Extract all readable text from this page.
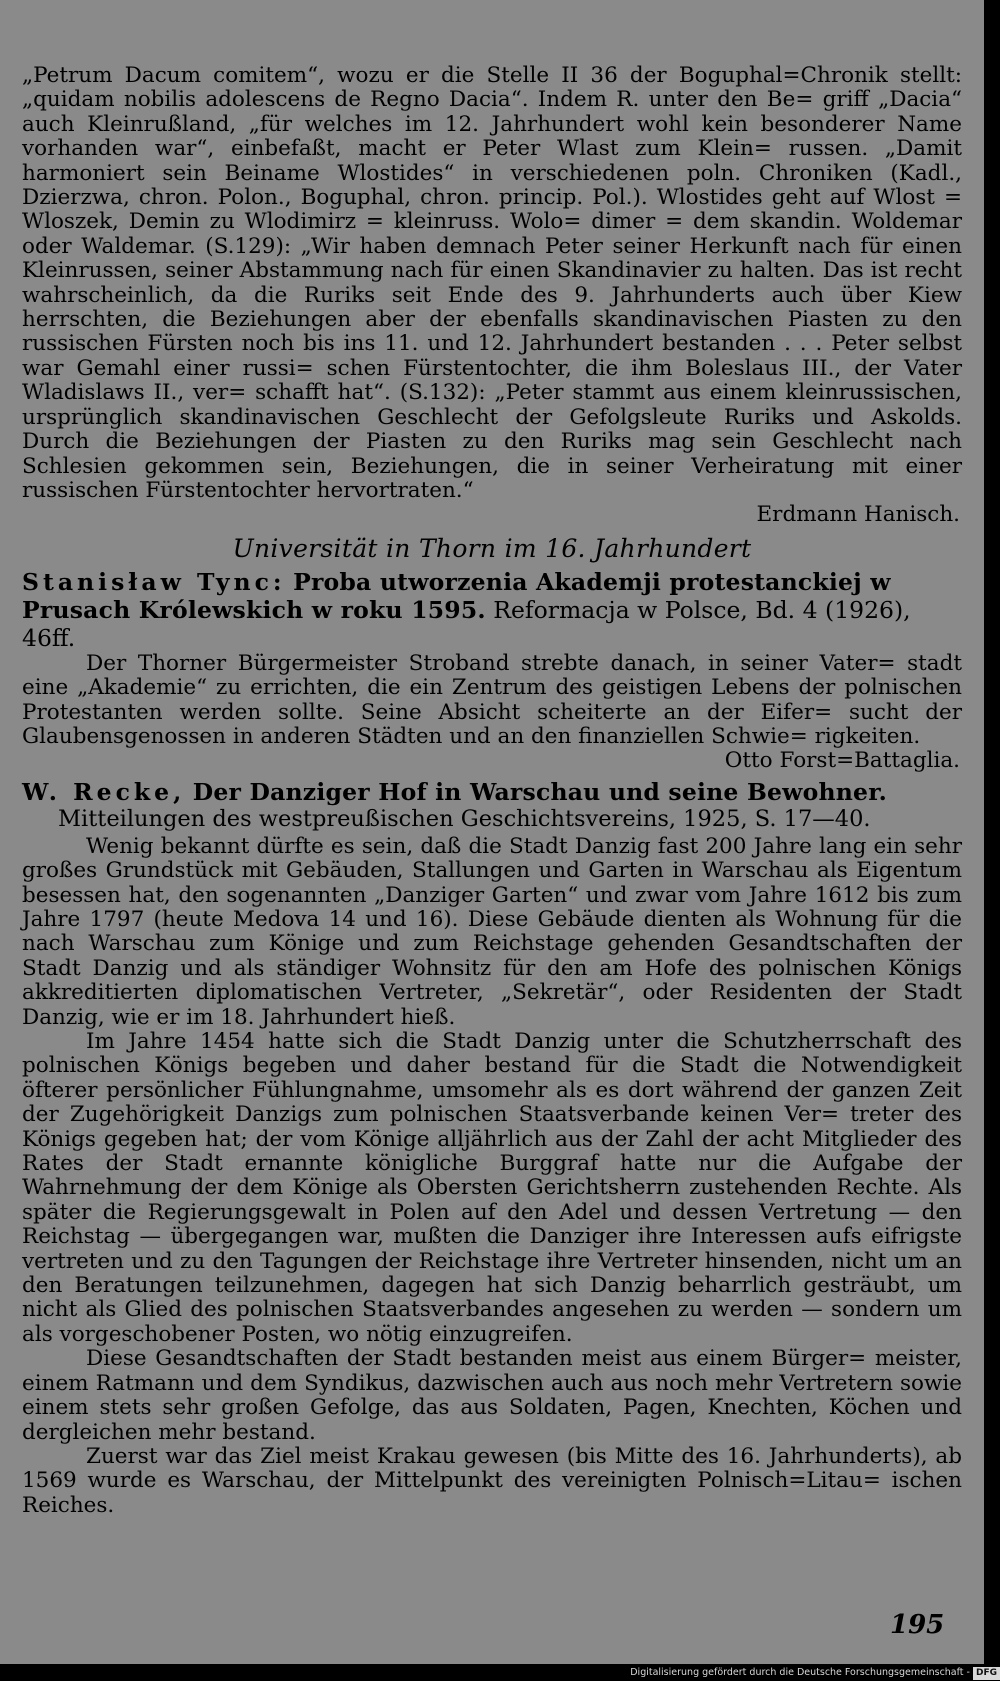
„Petrum Dacum comitem“, wozu er die Stelle II 36 der Boguphal=Chronik stellt: „quidam nobilis adolescens de Regno Dacia“. Indem R. unter den Be= griff „Dacia“ auch Kleinrußland, „für welches im 12. Jahrhundert wohl kein besonderer Name vorhanden war“, einbefaßt, macht er Peter Wlast zum Klein= russen. „Damit harmoniert sein Beiname Wlostides“ in verschiedenen poln. Chroniken (Kadl., Dzierzwa, chron. Polon., Boguphal, chron. princip. Pol.). Wlostides geht auf Wlost = Wloszek, Demin zu Wlodimirz = kleinruss. Wolo= dimer = dem skandin. Woldemar oder Waldemar. (S.129): „Wir haben demnach Peter seiner Herkunft nach für einen Kleinrussen, seiner Abstammung nach für einen Skandinavier zu halten. Das ist recht wahrscheinlich, da die Ruriks seit Ende des 9. Jahrhunderts auch über Kiew herrschten, die Beziehungen aber der ebenfalls skandinavischen Piasten zu den russischen Fürsten noch bis ins 11. und 12. Jahrhundert bestanden . . . Peter selbst war Gemahl einer russi= schen Fürstentochter, die ihm Boleslaus III., der Vater Wladislaws II., ver= schafft hat“. (S.132): „Peter stammt aus einem kleinrussischen, ursprünglich skandinavischen Geschlecht der Gefolgsleute Ruriks und Askolds. Durch die Beziehungen der Piasten zu den Ruriks mag sein Geschlecht nach Schlesien gekommen sein, Beziehungen, die in seiner Verheiratung mit einer russischen Fürstentochter hervortraten.“

Erdmann Hanisch.

Universität in Thorn im 16. Jahrhundert

Stanisław Tync: Proba utworzenia Akademji protestanckiej w Prusach Królewskich w roku 1595. Reformacja w Polsce, Bd. 4 (1926), 46ff.

Der Thorner Bürgermeister Stroband strebte danach, in seiner Vater= stadt eine „Akademie“ zu errichten, die ein Zentrum des geistigen Lebens der polnischen Protestanten werden sollte. Seine Absicht scheiterte an der Eifer= sucht der Glaubensgenossen in anderen Städten und an den finanziellen Schwie= rigkeiten.

Otto Forst=Battaglia.

W. Recke, Der Danziger Hof in Warschau und seine Bewohner.

Mitteilungen des westpreußischen Geschichtsvereins, 1925, S. 17—40.

Wenig bekannt dürfte es sein, daß die Stadt Danzig fast 200 Jahre lang ein sehr großes Grundstück mit Gebäuden, Stallungen und Garten in Warschau als Eigentum besessen hat, den sogenannten „Danziger Garten“ und zwar vom Jahre 1612 bis zum Jahre 1797 (heute Medova 14 und 16). Diese Gebäude dienten als Wohnung für die nach Warschau zum Könige und zum Reichstage gehenden Gesandtschaften der Stadt Danzig und als ständiger Wohnsitz für den am Hofe des polnischen Königs akkreditierten diplomatischen Vertreter, „Sekretär“, oder Residenten der Stadt Danzig, wie er im 18. Jahrhundert hieß.

Im Jahre 1454 hatte sich die Stadt Danzig unter die Schutzherrschaft des polnischen Königs begeben und daher bestand für die Stadt die Notwendigkeit öfterer persönlicher Fühlungnahme, umsomehr als es dort während der ganzen Zeit der Zugehörigkeit Danzigs zum polnischen Staatsverbande keinen Ver= treter des Königs gegeben hat; der vom Könige alljährlich aus der Zahl der acht Mitglieder des Rates der Stadt ernannte königliche Burggraf hatte nur die Aufgabe der Wahrnehmung der dem Könige als Obersten Gerichtsherrn zustehenden Rechte. Als später die Regierungsgewalt in Polen auf den Adel und dessen Vertretung — den Reichstag — übergegangen war, mußten die Danziger ihre Interessen aufs eifrigste vertreten und zu den Tagungen der Reichstage ihre Vertreter hinsenden, nicht um an den Beratungen teilzunehmen, dagegen hat sich Danzig beharrlich gesträubt, um nicht als Glied des polnischen Staatsverbandes angesehen zu werden — sondern um als vorgeschobener Posten, wo nötig einzugreifen.

Diese Gesandtschaften der Stadt bestanden meist aus einem Bürger= meister, einem Ratmann und dem Syndikus, dazwischen auch aus noch mehr Vertretern sowie einem stets sehr großen Gefolge, das aus Soldaten, Pagen, Knechten, Köchen und dergleichen mehr bestand.

Zuerst war das Ziel meist Krakau gewesen (bis Mitte des 16. Jahrhunderts), ab 1569 wurde es Warschau, der Mittelpunkt des vereinigten Polnisch=Litau= ischen Reiches.

195
Digitalisierung gefördert durch die Deutsche Forschungsgemeinschaft - DFG
